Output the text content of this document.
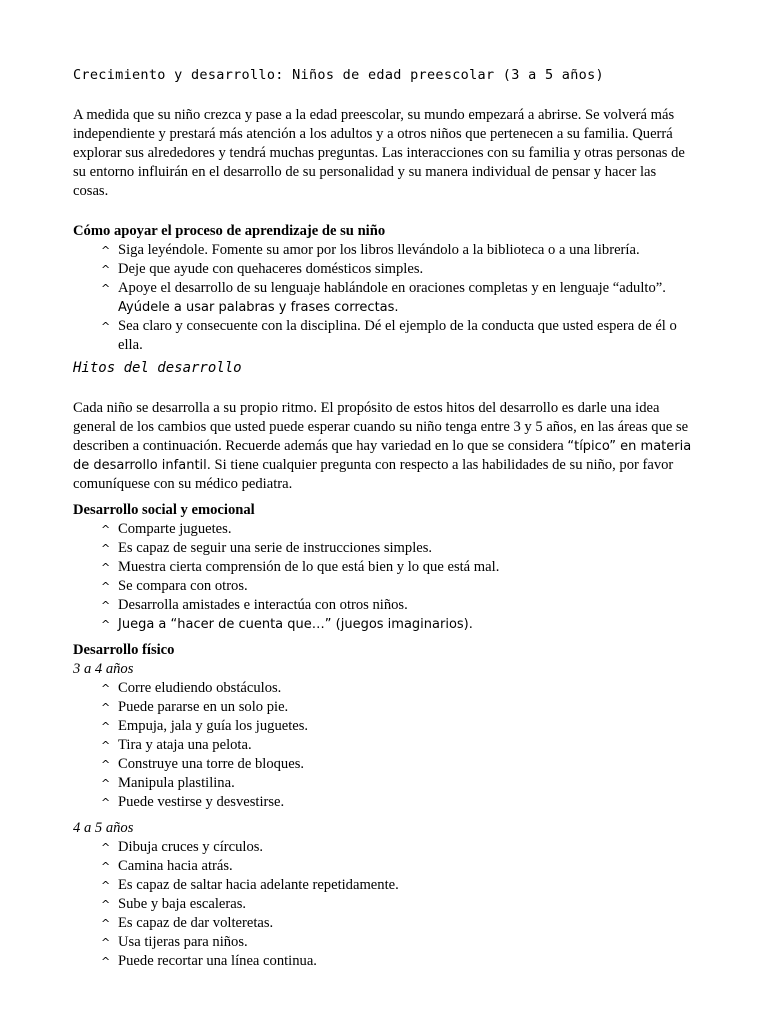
Crecimiento y desarrollo: Niños de edad preescolar (3 a 5 años)

A medida que su niño crezca y pase a la edad preescolar, su mundo empezará a abrirse. Se volverá más independiente y prestará más atención a los adultos y a otros niños que pertenecen a su familia. Querrá explorar sus alrededores y tendrá muchas preguntas. Las interacciones con su familia y otras personas de su entorno influirán en el desarrollo de su personalidad y su manera individual de pensar y hacer las cosas.

Cómo apoyar el proceso de aprendizaje de su niño
^ Siga leyéndole. Fomente su amor por los libros llevándolo a la biblioteca o a una librería.
^ Deje que ayude con quehaceres domésticos simples.
^ Apoye el desarrollo de su lenguaje hablándole en oraciones completas y en lenguaje “adulto”. Ayúdele a usar palabras y frases correctas.
^ Sea claro y consecuente con la disciplina. Dé el ejemplo de la conducta que usted espera de él o ella.
Hitos del desarrollo

Cada niño se desarrolla a su propio ritmo. El propósito de estos hitos del desarrollo es darle una idea general de los cambios que usted puede esperar cuando su niño tenga entre 3 y 5 años, en las áreas que se describen a continuación. Recuerde además que hay variedad en lo que se considera “típico” en materia de desarrollo infantil. Si tiene cualquier pregunta con respecto a las habilidades de su niño, por favor comuníquese con su médico pediatra.

Desarrollo social y emocional
^ Comparte juguetes.
^ Es capaz de seguir una serie de instrucciones simples.
^ Muestra cierta comprensión de lo que está bien y lo que está mal.
^ Se compara con otros.
^ Desarrolla amistades e interactúa con otros niños.
^ Juega a “hacer de cuenta que…” (juegos imaginarios).
Desarrollo físico
3 a 4 años
^ Corre eludiendo obstáculos.
^ Puede pararse en un solo pie.
^ Empuja, jala y guía los juguetes.
^ Tira y ataja una pelota.
^ Construye una torre de bloques.
^ Manipula plastilina.
^ Puede vestirse y desvestirse.
4 a 5 años
^ Dibuja cruces y círculos.
^ Camina hacia atrás.
^ Es capaz de saltar hacia adelante repetidamente.
^ Sube y baja escaleras.
^ Es capaz de dar volteretas.
^ Usa tijeras para niños.
^ Puede recortar una línea continua.
